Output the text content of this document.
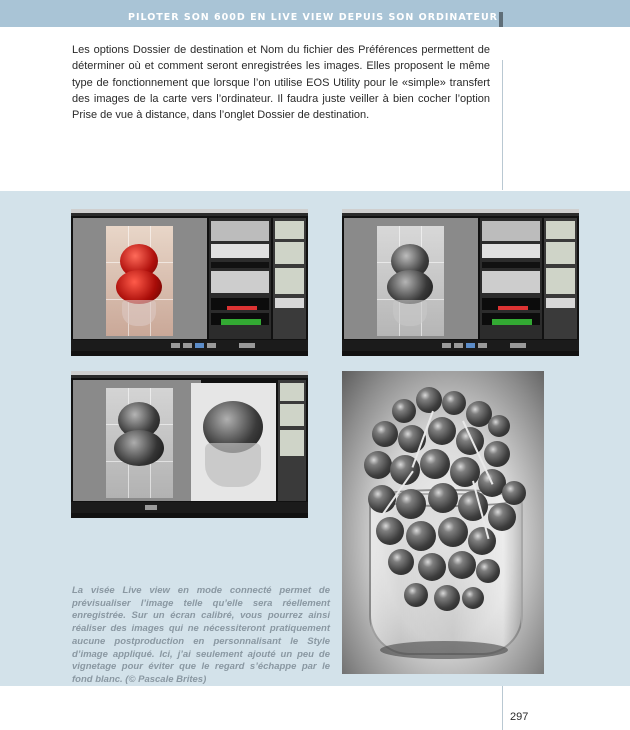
PILOTER SON 600D EN LIVE VIEW DEPUIS SON ORDINATEUR

Les options Dossier de destination et Nom du fichier des Préférences permettent de déterminer où et comment seront enregistrées les images. Elles proposent le même type de fonctionnement que lorsque l’on utilise EOS Utility pour le «simple» transfert des images de la carte vers l’ordinateur. Il faudra juste veiller à bien cocher l’option Prise de vue à distance, dans l’onglet Dossier de destination.

La visée Live view en mode connecté permet de prévisualiser l’image telle qu’elle sera réellement enregistrée. Sur un écran calibré, vous pourrez ainsi réaliser des images qui ne nécessiteront pratiquement aucune postproduction en personnalisant le Style d’image appliqué. Ici, j’ai seulement ajouté un peu de vignetage pour éviter que le regard s’échappe par le fond blanc. (© Pascale Brites)

297
